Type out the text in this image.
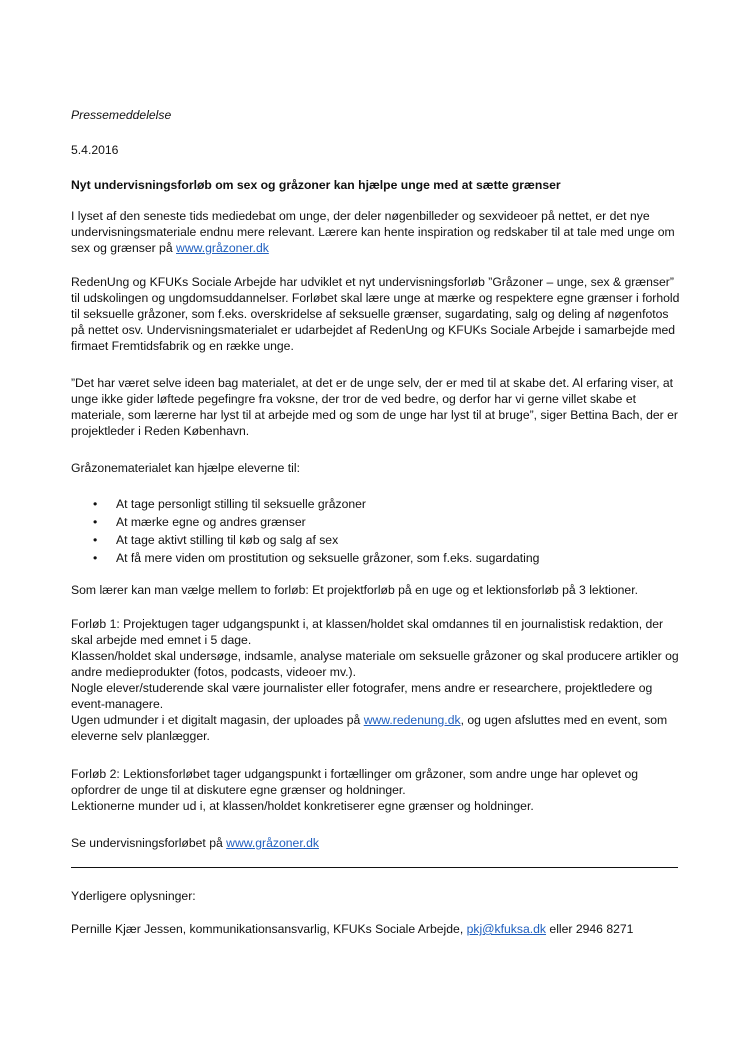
Pressemeddelelse

5.4.2016

Nyt undervisningsforløb om sex og gråzoner kan hjælpe unge med at sætte grænser

I lyset af den seneste tids mediedebat om unge, der deler nøgenbilleder og sexvideoer på nettet, er det nye undervisningsmateriale endnu mere relevant. Lærere kan hente inspiration og redskaber til at tale med unge om sex og grænser på www.gråzoner.dk

RedenUng og KFUKs Sociale Arbejde har udviklet et nyt undervisningsforløb ”Gråzoner – unge, sex & grænser” til udskolingen og ungdomsuddannelser. Forløbet skal lære unge at mærke og respektere egne grænser i forhold til seksuelle gråzoner, som f.eks. overskridelse af seksuelle grænser, sugardating, salg og deling af nøgenfotos på nettet osv. Undervisningsmaterialet er udarbejdet af RedenUng og KFUKs Sociale Arbejde i samarbejde med firmaet Fremtidsfabrik og en række unge.

”Det har været selve ideen bag materialet, at det er de unge selv, der er med til at skabe det. Al erfaring viser, at unge ikke gider løftede pegefingre fra voksne, der tror de ved bedre, og derfor har vi gerne villet skabe et materiale, som lærerne har lyst til at arbejde med og som de unge har lyst til at bruge”, siger Bettina Bach, der er projektleder i Reden København.

Gråzonematerialet kan hjælpe eleverne til:

• At tage personligt stilling til seksuelle gråzoner
• At mærke egne og andres grænser
• At tage aktivt stilling til køb og salg af sex
• At få mere viden om prostitution og seksuelle gråzoner, som f.eks. sugardating

Som lærer kan man vælge mellem to forløb: Et projektforløb på en uge og et lektionsforløb på 3 lektioner.

Forløb 1: Projektugen tager udgangspunkt i, at klassen/holdet skal omdannes til en journalistisk redaktion, der skal arbejde med emnet i 5 dage.

Klassen/holdet skal undersøge, indsamle, analyse materiale om seksuelle gråzoner og skal producere artikler og andre medieprodukter (fotos, podcasts, videoer mv.).

Nogle elever/studerende skal være journalister eller fotografer, mens andre er researchere, projektledere og event-managere.

Ugen udmunder i et digitalt magasin, der uploades på www.redenung.dk, og ugen afsluttes med en event, som eleverne selv planlægger.

Forløb 2: Lektionsforløbet tager udgangspunkt i fortællinger om gråzoner, som andre unge har oplevet og opfordrer de unge til at diskutere egne grænser og holdninger.

Lektionerne munder ud i, at klassen/holdet konkretiserer egne grænser og holdninger.

Se undervisningsforløbet på www.gråzoner.dk

Yderligere oplysninger:

Pernille Kjær Jessen, kommunikationsansvarlig, KFUKs Sociale Arbejde, pkj@kfuksa.dk eller 2946 8271
